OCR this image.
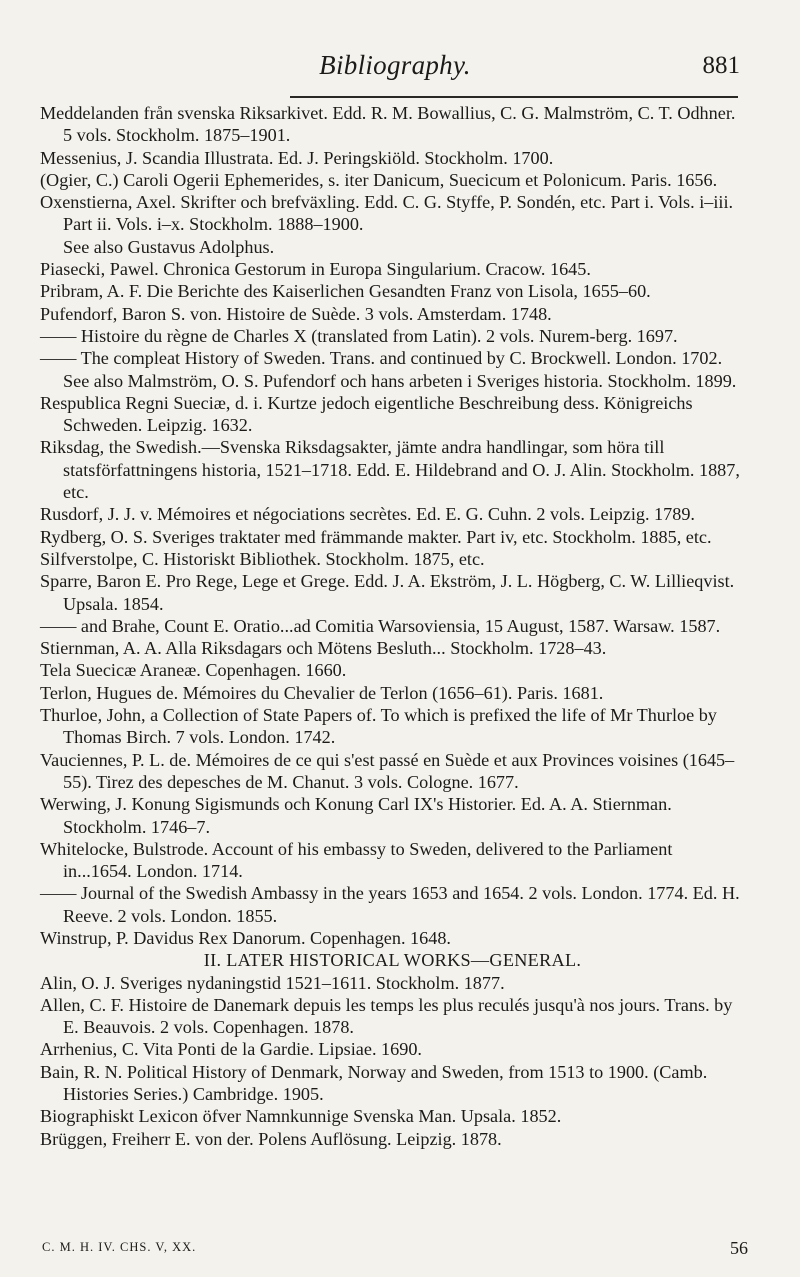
Bibliography.	881
Meddelanden från svenska Riksarkivet. Edd. R. M. Bowallius, C. G. Malmström, C. T. Odhner. 5 vols. Stockholm. 1875–1901.
Messenius, J. Scandia Illustrata. Ed. J. Peringskiöld. Stockholm. 1700.
(Ogier, C.) Caroli Ogerii Ephemerides, s. iter Danicum, Suecicum et Polonicum. Paris. 1656.
Oxenstierna, Axel. Skrifter och brefväxling. Edd. C. G. Styffe, P. Sondén, etc. Part i. Vols. i–iii. Part ii. Vols. i–x. Stockholm. 1888–1900.
See also Gustavus Adolphus.
Piasecki, Pawel. Chronica Gestorum in Europa Singularium. Cracow. 1645.
Pribram, A. F. Die Berichte des Kaiserlichen Gesandten Franz von Lisola, 1655–60.
Pufendorf, Baron S. von. Histoire de Suède. 3 vols. Amsterdam. 1748.
—— Histoire du règne de Charles X (translated from Latin). 2 vols. Nurem-berg. 1697.
—— The compleat History of Sweden. Trans. and continued by C. Brockwell. London. 1702.
See also Malmström, O. S. Pufendorf och hans arbeten i Sveriges historia. Stockholm. 1899.
Respublica Regni Sueciæ, d. i. Kurtze jedoch eigentliche Beschreibung dess. Königreichs Schweden. Leipzig. 1632.
Riksdag, the Swedish.—Svenska Riksdagsakter, jämte andra handlingar, som höra till statsförfattningens historia, 1521–1718. Edd. E. Hildebrand and O. J. Alin. Stockholm. 1887, etc.
Rusdorf, J. J. v. Mémoires et négociations secrètes. Ed. E. G. Cuhn. 2 vols. Leipzig. 1789.
Rydberg, O. S. Sveriges traktater med främmande makter. Part iv, etc. Stockholm. 1885, etc.
Silfverstolpe, C. Historiskt Bibliothek. Stockholm. 1875, etc.
Sparre, Baron E. Pro Rege, Lege et Grege. Edd. J. A. Ekström, J. L. Högberg, C. W. Lillieqvist. Upsala. 1854.
—— and Brahe, Count E. Oratio...ad Comitia Warsoviensia, 15 August, 1587. Warsaw. 1587.
Stiernman, A. A. Alla Riksdagars och Mötens Besluth... Stockholm. 1728–43.
Tela Suecicæ Araneæ. Copenhagen. 1660.
Terlon, Hugues de. Mémoires du Chevalier de Terlon (1656–61). Paris. 1681.
Thurloe, John, a Collection of State Papers of. To which is prefixed the life of Mr Thurloe by Thomas Birch. 7 vols. London. 1742.
Vauciennes, P. L. de. Mémoires de ce qui s'est passé en Suède et aux Provinces voisines (1645–55). Tirez des depesches de M. Chanut. 3 vols. Cologne. 1677.
Werwing, J. Konung Sigismunds och Konung Carl IX's Historier. Ed. A. A. Stiernman. Stockholm. 1746–7.
Whitelocke, Bulstrode. Account of his embassy to Sweden, delivered to the Parliament in...1654. London. 1714.
—— Journal of the Swedish Ambassy in the years 1653 and 1654. 2 vols. London. 1774. Ed. H. Reeve. 2 vols. London. 1855.
Winstrup, P. Davidus Rex Danorum. Copenhagen. 1648.
II. LATER HISTORICAL WORKS—GENERAL.
Alin, O. J. Sveriges nydaningstid 1521–1611. Stockholm. 1877.
Allen, C. F. Histoire de Danemark depuis les temps les plus reculés jusqu'à nos jours. Trans. by E. Beauvois. 2 vols. Copenhagen. 1878.
Arrhenius, C. Vita Ponti de la Gardie. Lipsiae. 1690.
Bain, R. N. Political History of Denmark, Norway and Sweden, from 1513 to 1900. (Camb. Histories Series.) Cambridge. 1905.
Biographiskt Lexicon öfver Namnkunnige Svenska Man. Upsala. 1852.
Brüggen, Freiherr E. von der. Polens Auflösung. Leipzig. 1878.
C. M. H. IV. CHS. V, XX.	56
